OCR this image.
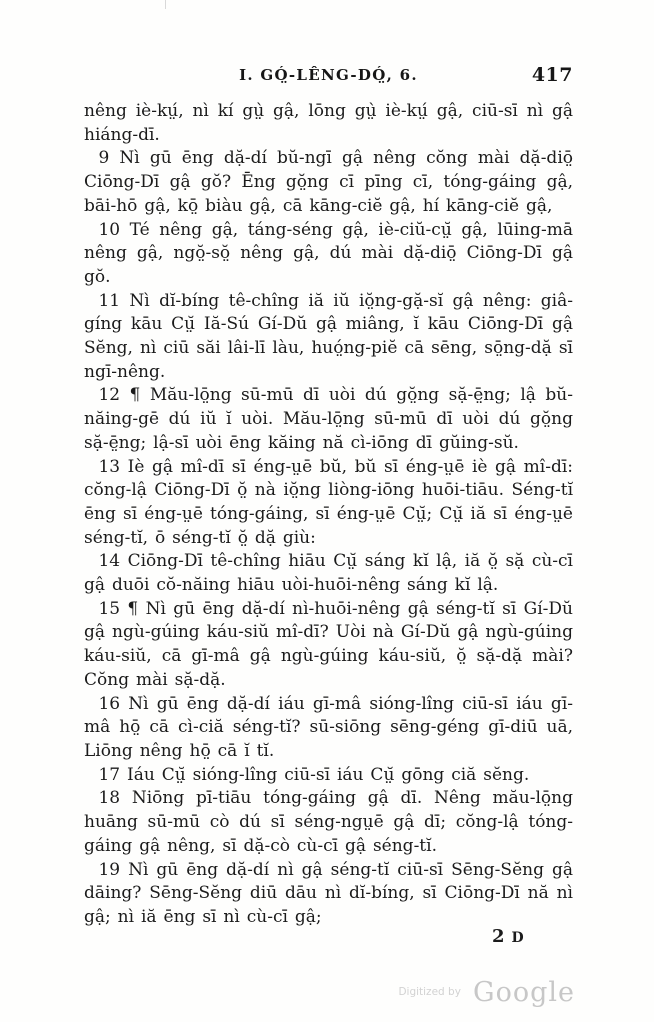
I. GÓ̤-LÊNG-DÓ̤, 6.	417

nêng iè-kṳ́, nì kí gṳ̀ gậ, lōng gṳ̀ iè-kṳ́ gậ, ciū-sī nì gậ hiáng-dī.

9 Nì gū ēng dặ-dí bŭ-ngī gậ nêng cŏng mài dặ-diō̤ Ciōng-Dī gậ gŏ? Ēng gŏ̤ng cī pīng cī, tóng-gáing gậ, bāi-hō gậ, kō̤ biàu gậ, cā kāng-ciĕ gậ, hí kāng-ciĕ gậ,

10 Té nêng gậ, táng-séng gậ, iè-ciŭ-cṳ̆ gậ, lūing-mā nêng gậ, ngŏ̤-sŏ̤ nêng gậ, dú mài dặ-diō̤ Ciōng-Dī gậ gŏ.

11 Nì dĭ-bíng tê-chîng iă iŭ iŏ̤ng-gặ-sĭ gậ nêng: giâ-gíng kāu Cṳ̆ Iă-Sú Gí-Dŭ gậ miâng, ĭ kāu Ciōng-Dī gậ Sĕng, nì ciū săi lâi-lī làu, huó̤ng-piĕ cā sēng, sō̤ng-dặ sī ngī-nêng.

12 ¶ Mău-lō̤ng sū-mū dī uòi dú gŏ̤ng sặ-ē̤ng; lậ bŭ-năing-gē dú iŭ ĭ uòi. Mău-lō̤ng sū-mū dī uòi dú gŏ̤ng sặ-ē̤ng; lậ-sī uòi ēng kăing nă cì-iōng dī gŭing-sŭ.

13 Iè gậ mî-dī sī éng-ṳē bŭ, bŭ sī éng-ṳē iè gậ mî-dī: cŏng-lậ Ciōng-Dī ŏ̤ nà iŏ̤ng liòng-iōng huōi-tiāu. Séng-tĭ ēng sī éng-ṳē tóng-gáing, sī éng-ṳē Cṳ̆; Cṳ̆ iă sī éng-ṳē séng-tĭ, ō séng-tĭ ŏ̤ dặ giù:

14 Ciōng-Dī tê-chîng hiāu Cṳ̆ sáng kĭ lậ, iă ŏ̤ sặ cù-cī gậ duōi cŏ-năing hiāu uòi-huōi-nêng sáng kĭ lậ.

15 ¶ Nì gū ēng dặ-dí nì-huōi-nêng gậ séng-tĭ sī Gí-Dŭ gậ ngù-gúing káu-siŭ mî-dī? Uòi nà Gí-Dŭ gậ ngù-gúing káu-siŭ, cā gī-mâ gậ ngù-gúing káu-siŭ, ŏ̤ sặ-dặ mài? Cŏng mài sặ-dặ.

16 Nì gū ēng dặ-dí iáu gī-mâ sióng-lîng ciū-sī iáu gī-mâ hō̤ cā cì-ciă séng-tĭ? sū-siōng sēng-géng gī-diū uā, Liōng nêng hō̤ cā ĭ tĭ.

17 Iáu Cṳ̆ sióng-lîng ciū-sī iáu Cṳ̆ gōng ciă sĕng.

18 Niōng pī-tiāu tóng-gáing gậ dī. Nêng mău-lō̤ng huāng sū-mū cò dú sī séng-ngṳē gậ dī; cŏng-lậ tóng-gáing gậ nêng, sī dặ-cò cù-cī gậ séng-tĭ.

19 Nì gū ēng dặ-dí nì gậ séng-tĭ ciū-sī Sēng-Sĕng gậ dāing? Sēng-Sĕng diū dāu nì dĭ-bíng, sī Ciōng-Dī nă nì gậ; nì iă ēng sī nì cù-cī gậ;

2 D
$^{Digitized by}$ Google
